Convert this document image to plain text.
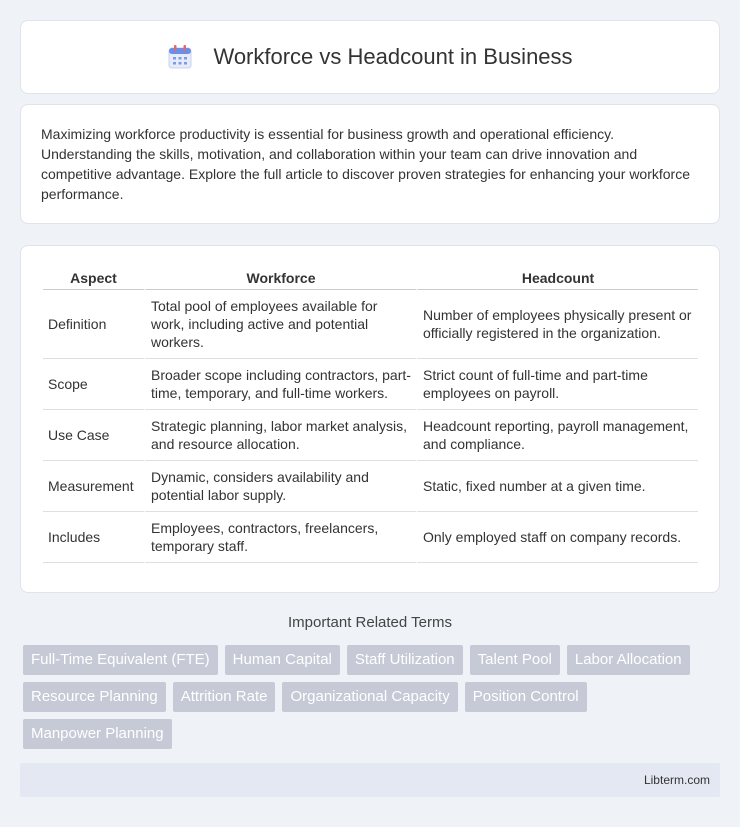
Workforce vs Headcount in Business

Maximizing workforce productivity is essential for business growth and operational efficiency. Understanding the skills, motivation, and collaboration within your team can drive innovation and competitive advantage. Explore the full article to discover proven strategies for enhancing your workforce performance.

Aspect	Workforce	Headcount
Definition	Total pool of employees available for work, including active and potential workers.	Number of employees physically present or officially registered in the organization.
Scope	Broader scope including contractors, part-time, temporary, and full-time workers.	Strict count of full-time and part-time employees on payroll.
Use Case	Strategic planning, labor market analysis, and resource allocation.	Headcount reporting, payroll management, and compliance.
Measurement	Dynamic, considers availability and potential labor supply.	Static, fixed number at a given time.
Includes	Employees, contractors, freelancers, temporary staff.	Only employed staff on company records.
Important Related Terms
Full-Time Equivalent (FTE)	Human Capital	Staff Utilization	Talent Pool	Labor Allocation
Resource Planning	Attrition Rate	Organizational Capacity	Position Control
Manpower Planning
Libterm.com
